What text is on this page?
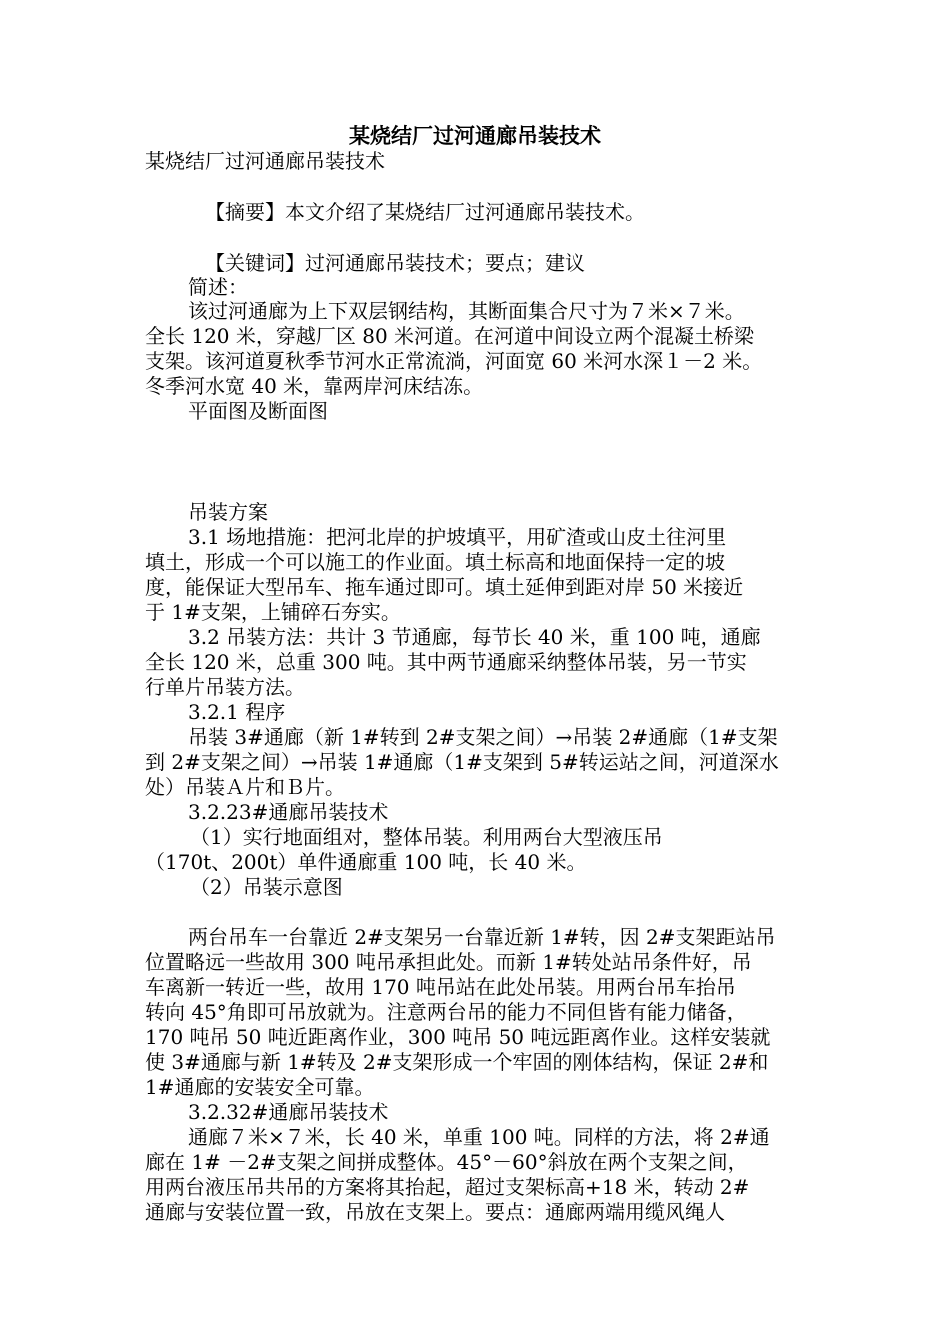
某烧结厂过河通廊吊装技术
某烧结厂过河通廊吊装技术
【摘要】本文介绍了某烧结厂过河通廊吊装技术。
【关键词】过河通廊吊装技术；要点；建议
简述：
该过河通廊为上下双层钢结构，其断面集合尺寸为７米×７米。
全长 120 米，穿越厂区 80 米河道。在河道中间设立两个混凝土桥梁
支架。该河道夏秋季节河水正常流淌，河面宽 60 米河水深１－2 米。
冬季河水宽 40 米，靠两岸河床结冻。
平面图及断面图
吊装方案
3.1 场地措施：把河北岸的护坡填平，用矿渣或山皮土往河里
填土，形成一个可以施工的作业面。填土标高和地面保持一定的坡
度，能保证大型吊车、拖车通过即可。填土延伸到距对岸 50 米接近
于 1#支架，上铺碎石夯实。
3.2 吊装方法：共计 3 节通廊，每节长 40 米，重 100 吨，通廊
全长 120 米，总重 300 吨。其中两节通廊采纳整体吊装，另一节实
行单片吊装方法。
3.2.1 程序
吊装 3#通廊（新 1#转到 2#支架之间）→吊装 2#通廊（1#支架
到 2#支架之间）→吊装 1#通廊（1#支架到 5#转运站之间，河道深水
处）吊装Ａ片和Ｂ片。
3.2.23#通廊吊装技术
（1）实行地面组对，整体吊装。利用两台大型液压吊
（170t、200t）单件通廊重 100 吨，长 40 米。
（2）吊装示意图
两台吊车一台靠近 2#支架另一台靠近新 1#转，因 2#支架距站吊
位置略远一些故用 300 吨吊承担此处。而新 1#转处站吊条件好，吊
车离新一转近一些，故用 170 吨吊站在此处吊装。用两台吊车抬吊
转向 45°角即可吊放就为。注意两台吊的能力不同但皆有能力储备，
170 吨吊 50 吨近距离作业，300 吨吊 50 吨远距离作业。这样安装就
使 3#通廊与新 1#转及 2#支架形成一个牢固的刚体结构，保证 2#和
1#通廊的安装安全可靠。
3.2.32#通廊吊装技术
通廊７米×７米，长 40 米，单重 100 吨。同样的方法，将 2#通
廊在 1# －2#支架之间拼成整体。45°－60°斜放在两个支架之间，
用两台液压吊共吊的方案将其抬起，超过支架标高+18 米，转动 2#
通廊与安装位置一致，吊放在支架上。要点：通廊两端用缆风绳人
